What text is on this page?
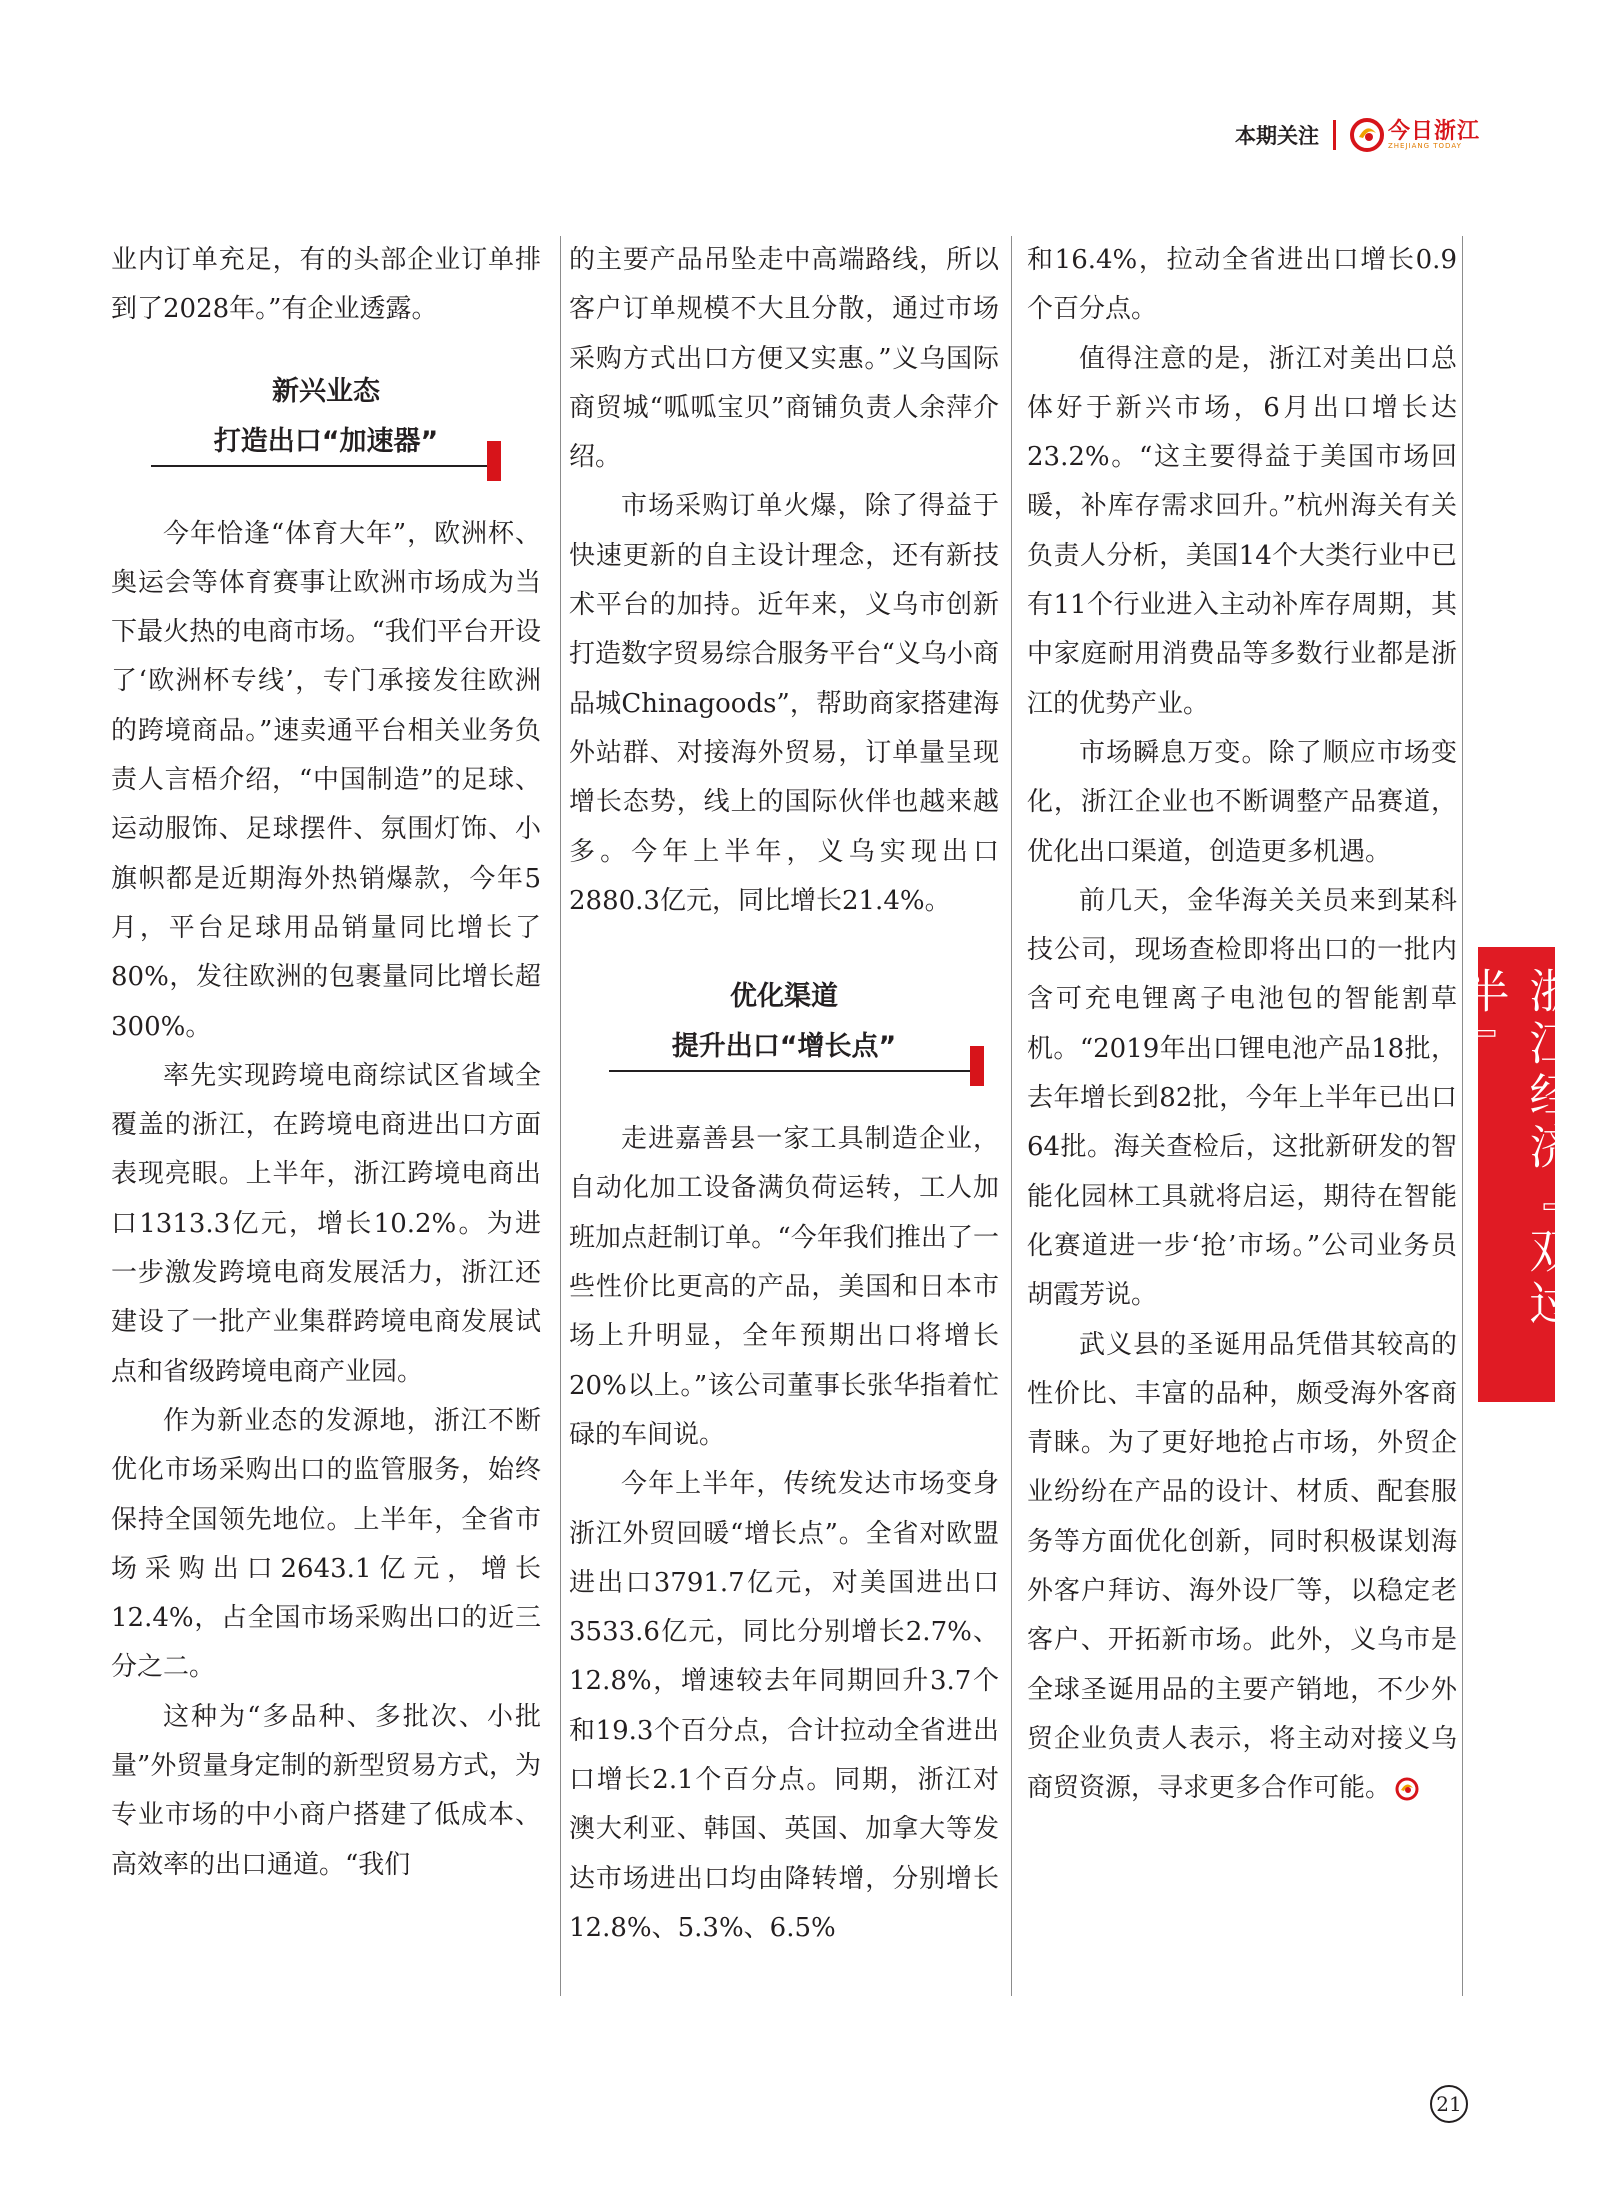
本期关注	今日浙江
ZHEJIANG TODAY

业内订单充足，有的头部企业订单排到了2028年。”有企业透露。

新兴业态
打造出口“加速器”

今年恰逢“体育大年”，欧洲杯、奥运会等体育赛事让欧洲市场成为当下最火热的电商市场。“我们平台开设了‘欧洲杯专线’，专门承接发往欧洲的跨境商品。”速卖通平台相关业务负责人言梧介绍，“中国制造”的足球、运动服饰、足球摆件、氛围灯饰、小旗帜都是近期海外热销爆款，今年5月，平台足球用品销量同比增长了80%，发往欧洲的包裹量同比增长超300%。

率先实现跨境电商综试区省域全覆盖的浙江，在跨境电商进出口方面表现亮眼。上半年，浙江跨境电商出口1313.3亿元，增长10.2%。为进一步激发跨境电商发展活力，浙江还建设了一批产业集群跨境电商发展试点和省级跨境电商产业园。

作为新业态的发源地，浙江不断优化市场采购出口的监管服务，始终保持全国领先地位。上半年，全省市场采购出口2643.1亿元，增长12.4%，占全国市场采购出口的近三分之二。

这种为“多品种、多批次、小批量”外贸量身定制的新型贸易方式，为专业市场的中小商户搭建了低成本、高效率的出口通道。“我们

的主要产品吊坠走中高端路线，所以客户订单规模不大且分散，通过市场采购方式出口方便又实惠。”义乌国际商贸城“呱呱宝贝”商铺负责人余萍介绍。

市场采购订单火爆，除了得益于快速更新的自主设计理念，还有新技术平台的加持。近年来，义乌市创新打造数字贸易综合服务平台“义乌小商品城Chinagoods”，帮助商家搭建海外站群、对接海外贸易，订单量呈现增长态势，线上的国际伙伴也越来越多。今年上半年，义乌实现出口2880.3亿元，同比增长21.4%。

优化渠道
提升出口“增长点”

走进嘉善县一家工具制造企业，自动化加工设备满负荷运转，工人加班加点赶制订单。“今年我们推出了一些性价比更高的产品，美国和日本市场上升明显，全年预期出口将增长20%以上。”该公司董事长张华指着忙碌的车间说。

今年上半年，传统发达市场变身浙江外贸回暖“增长点”。全省对欧盟进出口3791.7亿元，对美国进出口3533.6亿元，同比分别增长2.7%、12.8%，增速较去年同期回升3.7个和19.3个百分点，合计拉动全省进出口增长2.1个百分点。同期，浙江对澳大利亚、韩国、英国、加拿大等发达市场进出口均由降转增，分别增长12.8%、5.3%、6.5%

和16.4%，拉动全省进出口增长0.9个百分点。

值得注意的是，浙江对美出口总体好于新兴市场，6月出口增长达23.2%。“这主要得益于美国市场回暖，补库存需求回升。”杭州海关有关负责人分析，美国14个大类行业中已有11个行业进入主动补库存周期，其中家庭耐用消费品等多数行业都是浙江的优势产业。

市场瞬息万变。除了顺应市场变化，浙江企业也不断调整产品赛道，优化出口渠道，创造更多机遇。

前几天，金华海关关员来到某科技公司，现场查检即将出口的一批内含可充电锂离子电池包的智能割草机。“2019年出口锂电池产品18批，去年增长到82批，今年上半年已出口64批。海关查检后，这批新研发的智能化园林工具就将启运，期待在智能化赛道进一步‘抢’市场。”公司业务员胡霞芳说。

武义县的圣诞用品凭借其较高的性价比、丰富的品种，颇受海外客商青睐。为了更好地抢占市场，外贸企业纷纷在产品的设计、材质、配套服务等方面优化创新，同时积极谋划海外客户拜访、海外设厂等，以稳定老客户、开拓新市场。此外，义乌市是全球圣诞用品的主要产销地，不少外贸企业负责人表示，将主动对接义乌商贸资源，寻求更多合作可能。

浙江经济『双过半』
21
